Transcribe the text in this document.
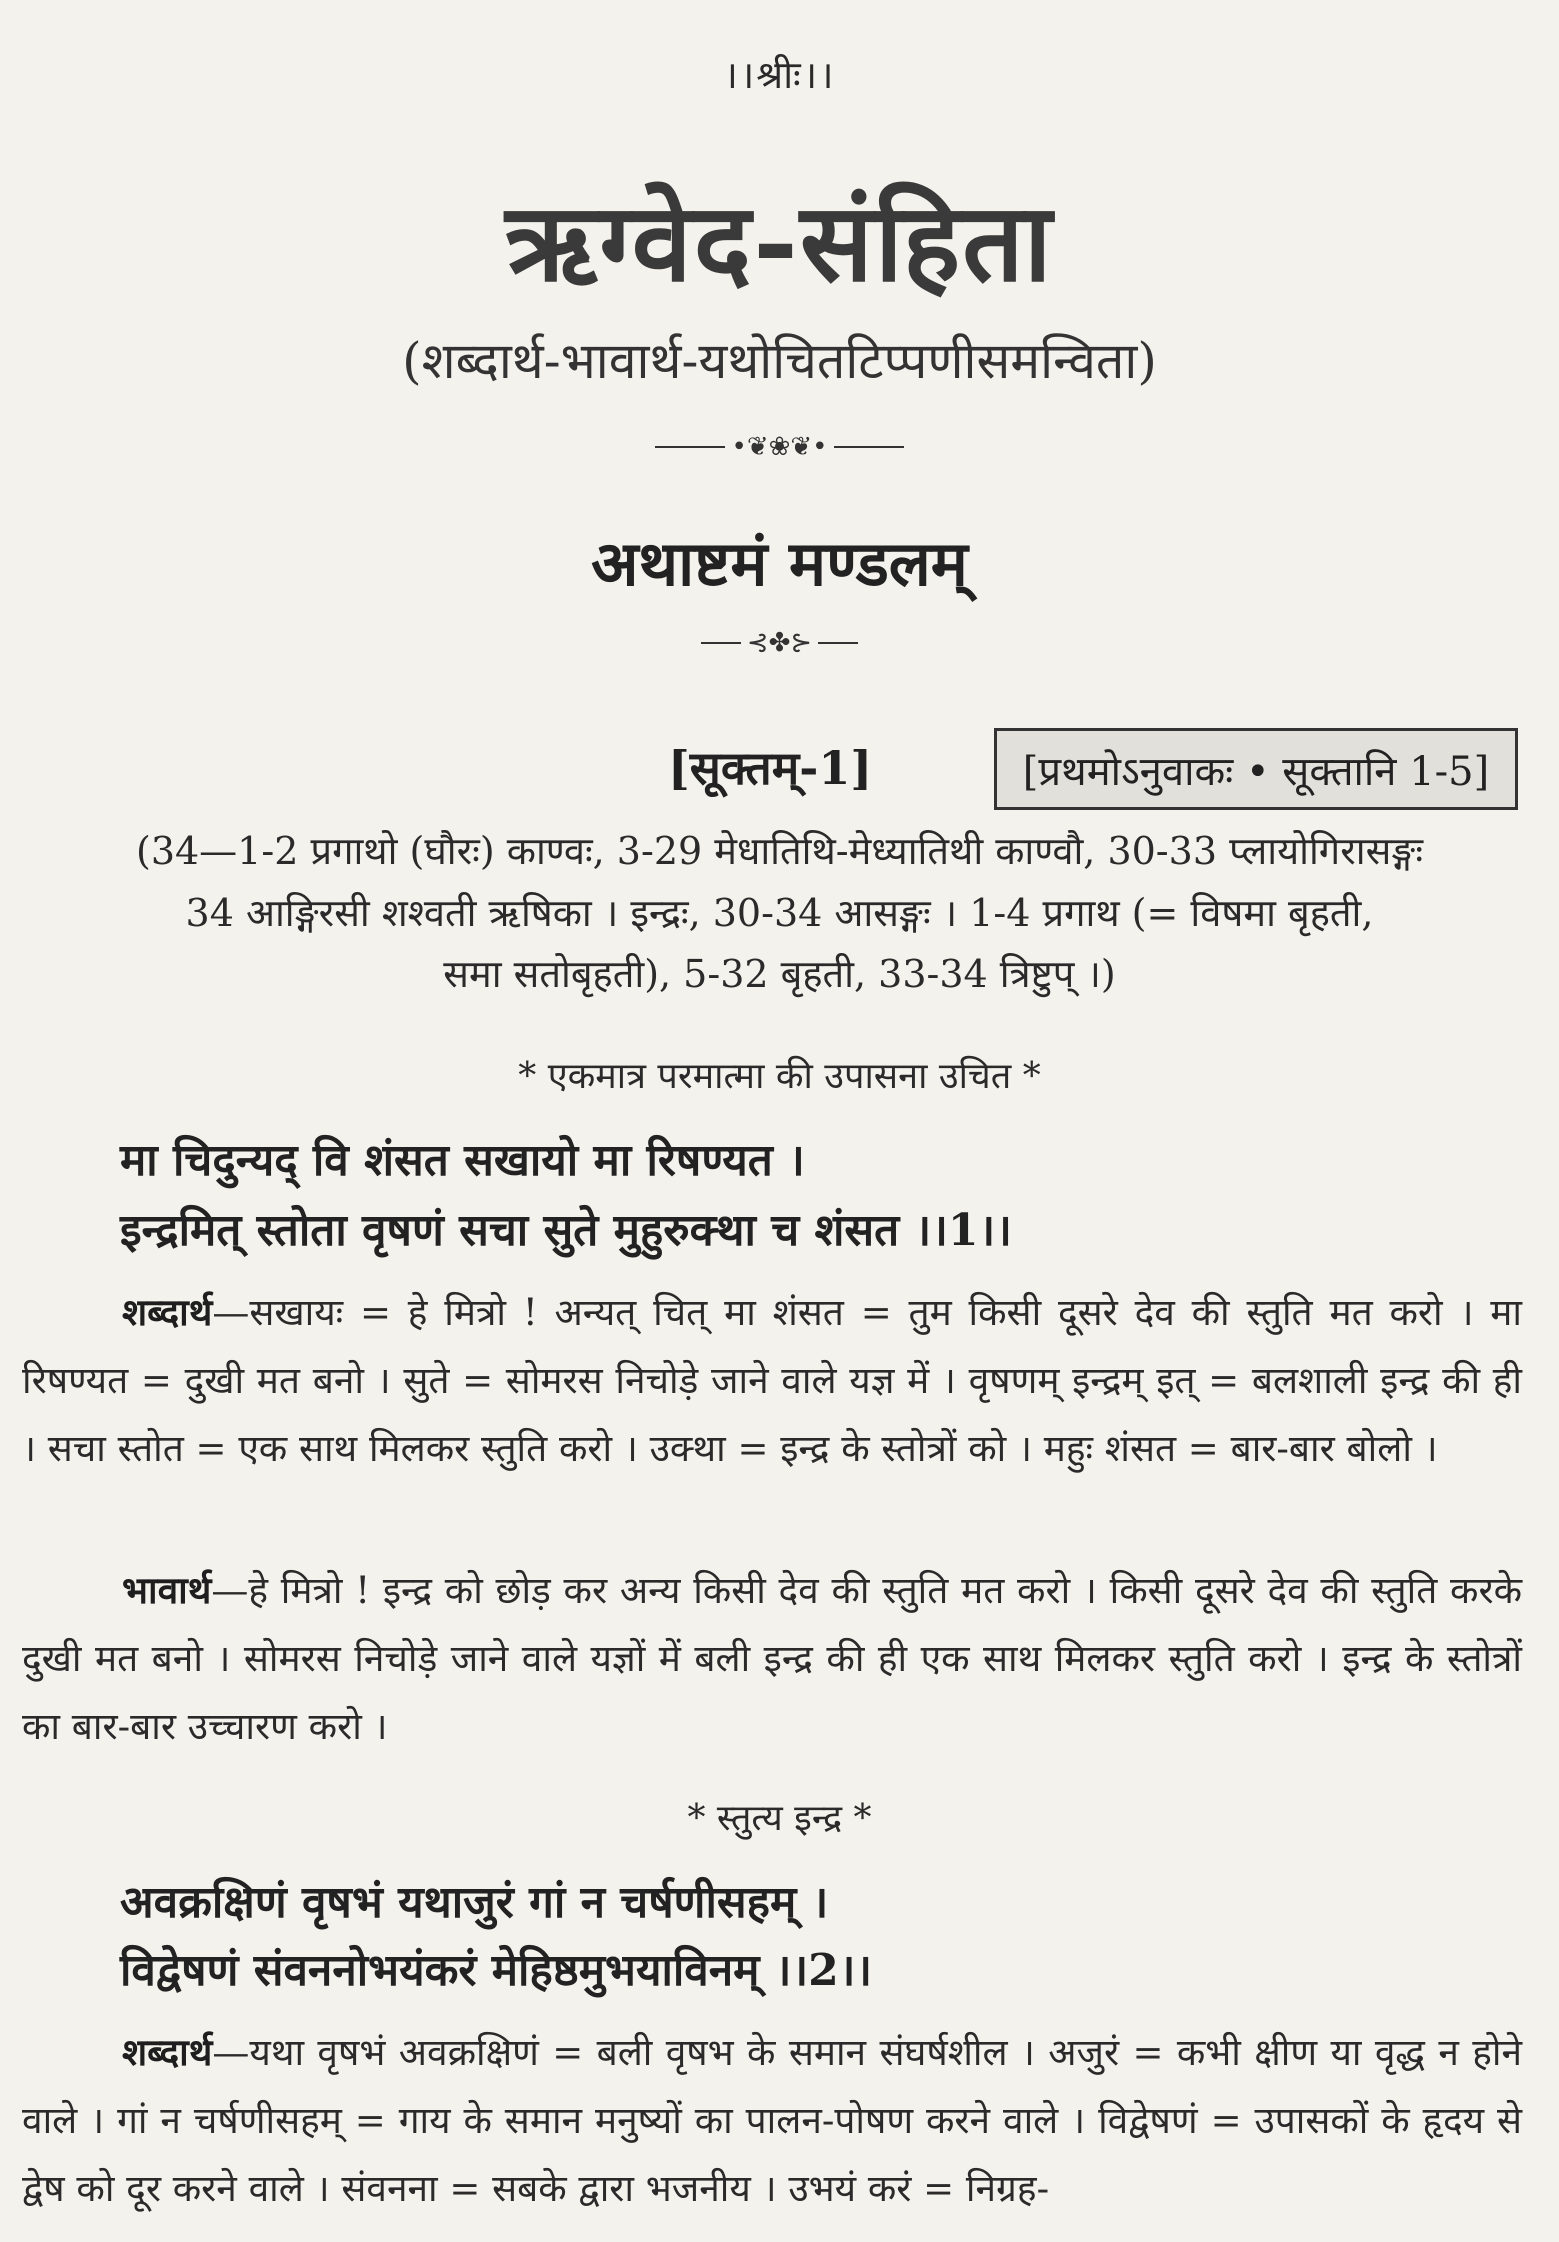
।।श्रीः।।
ऋग्वेद-संहिता
(शब्दार्थ-भावार्थ-यथोचितटिप्पणीसमन्विता)
•❦❀❦•
अथाष्टमं मण्डलम्
⊰✤⊱
[सूक्तम्-1]	[प्रथमोऽनुवाकः • सूक्तानि 1-5]
(34—1-2 प्रगाथो (घौरः) काण्वः, 3-29 मेधातिथि-मेध्यातिथी काण्वौ, 30-33 प्लायोगिरासङ्गः
34 आङ्गिरसी शश्वती ऋषिका । इन्द्रः, 30-34 आसङ्गः । 1-4 प्रगाथ (= विषमा बृहती,
समा सतोबृहती), 5-32 बृहती, 33-34 त्रिष्टुप् ।)
* एकमात्र परमात्मा की उपासना उचित *
मा चिदुन्यद् वि शंसत सखायो मा रिषण्यत ।
इन्द्रमित् स्तोता वृषणं सचा सुते मुहुरुक्था च शंसत ।।1।।
शब्दार्थ—सखायः = हे मित्रो ! अन्यत् चित् मा शंसत = तुम किसी दूसरे देव की स्तुति मत करो । मा रिषण्यत = दुखी मत बनो । सुते = सोमरस निचोड़े जाने वाले यज्ञ में । वृषणम् इन्द्रम् इत् = बलशाली इन्द्र की ही । सचा स्तोत = एक साथ मिलकर स्तुति करो । उक्था = इन्द्र के स्तोत्रों को । महुः शंसत = बार-बार बोलो ।
भावार्थ—हे मित्रो ! इन्द्र को छोड़ कर अन्य किसी देव की स्तुति मत करो । किसी दूसरे देव की स्तुति करके दुखी मत बनो । सोमरस निचोड़े जाने वाले यज्ञों में बली इन्द्र की ही एक साथ मिलकर स्तुति करो । इन्द्र के स्तोत्रों का बार-बार उच्चारण करो ।
* स्तुत्य इन्द्र *
अवक्रक्षिणं वृषभं यथाजुरं गां न चर्षणीसहम् ।
विद्वेषणं संवननोभयंकरं मेहिष्ठमुभयाविनम् ।।2।।
शब्दार्थ—यथा वृषभं अवक्रक्षिणं = बली वृषभ के समान संघर्षशील । अजुरं = कभी क्षीण या वृद्ध न होने वाले । गां न चर्षणीसहम् = गाय के समान मनुष्यों का पालन-पोषण करने वाले । विद्वेषणं = उपासकों के हृदय से द्वेष को दूर करने वाले । संवनना = सबके द्वारा भजनीय । उभयं करं = निग्रह-
